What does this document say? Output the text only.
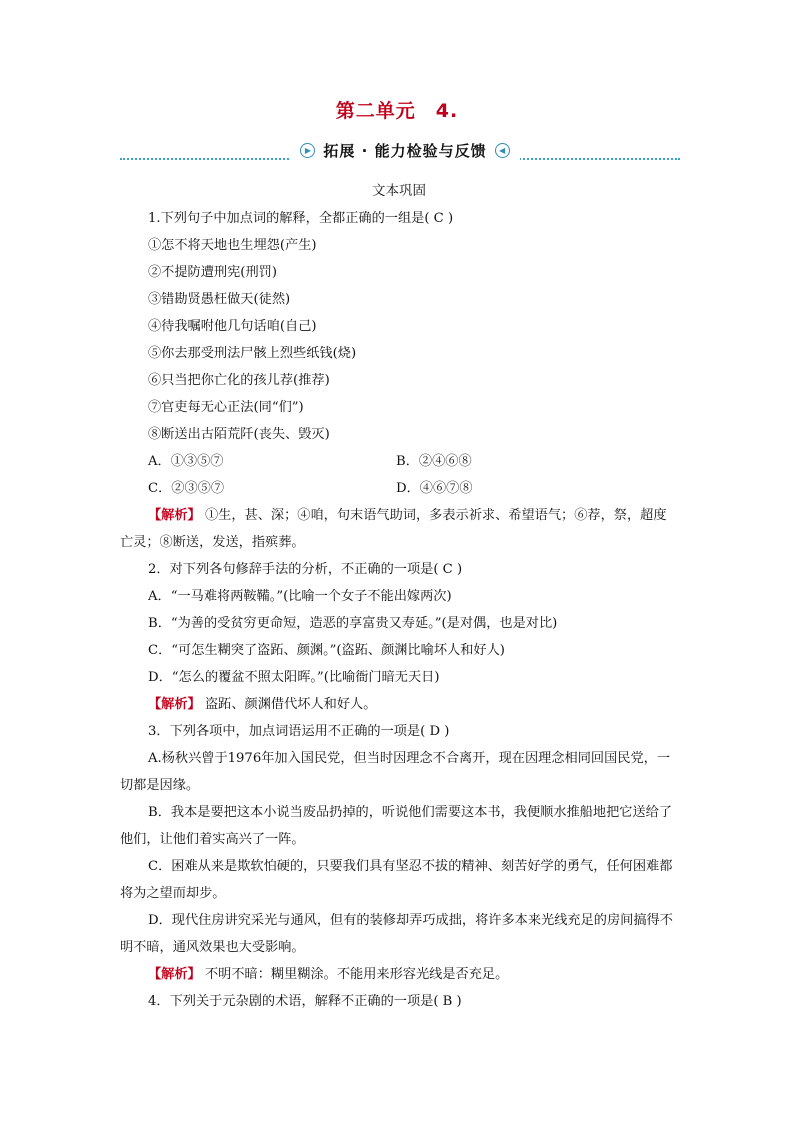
第二单元　4.
▶ 拓展 · 能力检验与反馈	◀

文本巩固

1.下列句子中加点词的解释，全都正确的一组是( C )

①怎不将天地也生埋怨(产生)

②不提防遭刑宪(刑罚)

③错勘贤愚枉做天(徒然)

④待我嘱咐他几句话咱(自己)

⑤你去那受刑法尸骸上烈些纸钱(烧)

⑥只当把你亡化的孩儿荐(推荐)

⑦官吏每无心正法(同“们”)

⑧断送出古陌荒阡(丧失、毁灭)

A．①③⑤⑦	B．②④⑥⑧
C．②③⑤⑦	D．④⑥⑦⑧

【解析】 ①生，甚、深；④咱，句末语气助词，多表示祈求、希望语气；⑥荐，祭，超度亡灵；⑧断送，发送，指殡葬。

2．对下列各句修辞手法的分析，不正确的一项是( C )

A．“一马难将两鞍鞴。”(比喻一个女子不能出嫁两次)

B．“为善的受贫穷更命短，造恶的享富贵又寿延。”(是对偶，也是对比)

C．“可怎生糊突了盗跖、颜渊。”(盗跖、颜渊比喻坏人和好人)

D．“怎么的覆盆不照太阳晖。”(比喻衙门暗无天日)

【解析】 盗跖、颜渊借代坏人和好人。

3．下列各项中，加点词语运用不正确的一项是( D )

A.杨秋兴曾于1976年加入国民党，但当时因理念不合离开，现在因理念相同回国民党，一切都是因缘。

B．我本是要把这本小说当废品扔掉的，听说他们需要这本书，我便顺水推船地把它送给了他们，让他们着实高兴了一阵。

C．困难从来是欺软怕硬的，只要我们具有坚忍不拔的精神、刻苦好学的勇气，任何困难都将为之望而却步。

D．现代住房讲究采光与通风，但有的装修却弄巧成拙，将许多本来光线充足的房间搞得不明不暗，通风效果也大受影响。

【解析】 不明不暗：糊里糊涂。不能用来形容光线是否充足。

4．下列关于元杂剧的术语，解释不正确的一项是( B )
